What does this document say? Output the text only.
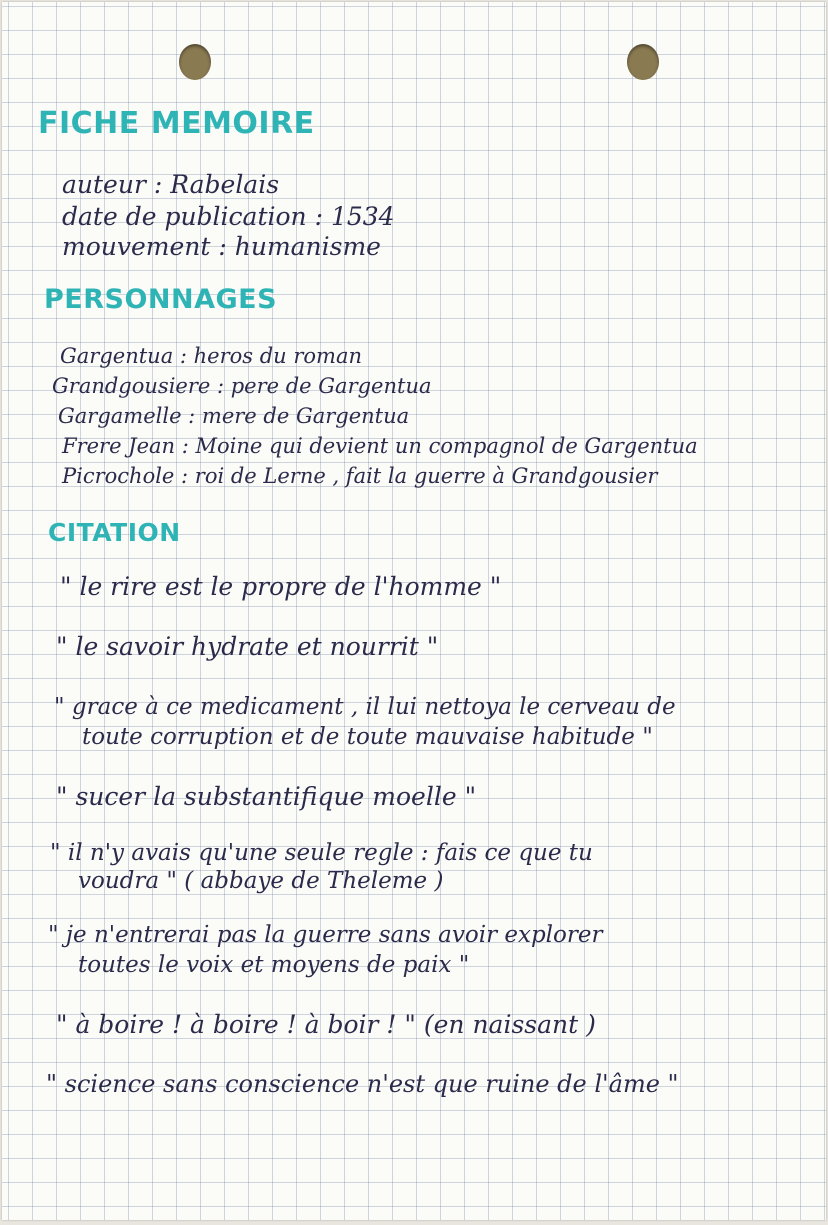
FICHE MEMOIRE
auteur : Rabelais
date de publication : 1534
mouvement : humanisme
PERSONNAGES
Gargentua : heros du roman
Grandgousiere : pere de Gargentua
Gargamelle : mere de Gargentua
Frere Jean : Moine qui devient un compagnol de Gargentua
Picrochole : roi de Lerne , fait la guerre à Grandgousier
CITATION
" le rire est le propre de l'homme "
" le savoir hydrate et nourrit "
" grace à ce medicament , il lui nettoya le cerveau de
toute corruption et de toute mauvaise habitude "
" sucer la substantifique moelle "
" il n'y avais qu'une seule regle : fais ce que tu
voudra " ( abbaye de Theleme )
" je n'entrerai pas la guerre sans avoir explorer
toutes le voix et moyens de paix "
" à boire ! à boire ! à boir ! " (en naissant )
" science sans conscience n'est que ruine de l'âme "
